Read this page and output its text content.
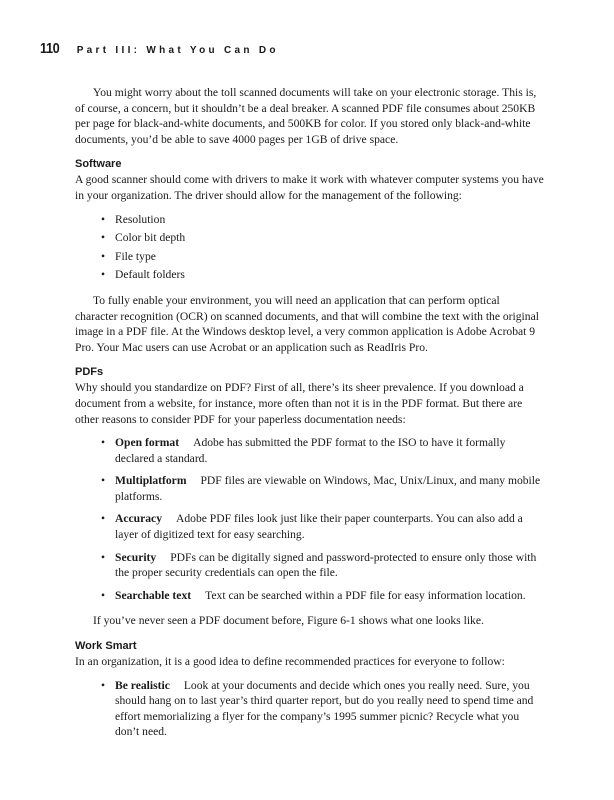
110 Part III: What You Can Do

You might worry about the toll scanned documents will take on your electronic storage. This is, of course, a concern, but it shouldn’t be a deal breaker. A scanned PDF file consumes about 250KB per page for black-and-white documents, and 500KB for color. If you stored only black-and-white documents, you’d be able to save 4000 pages per 1GB of drive space.

Software

A good scanner should come with drivers to make it work with whatever computer systems you have in your organization. The driver should allow for the management of the following:

• Resolution
• Color bit depth
• File type
• Default folders

To fully enable your environment, you will need an application that can perform optical character recognition (OCR) on scanned documents, and that will combine the text with the original image in a PDF file. At the Windows desktop level, a very common application is Adobe Acrobat 9 Pro. Your Mac users can use Acrobat or an application such as ReadIris Pro.

PDFs

Why should you standardize on PDF? First of all, there’s its sheer prevalence. If you download a document from a website, for instance, more often than not it is in the PDF format. But there are other reasons to consider PDF for your paperless documentation needs:

• Open format Adobe has submitted the PDF format to the ISO to have it formally declared a standard.
• Multiplatform PDF files are viewable on Windows, Mac, Unix/Linux, and many mobile platforms.
• Accuracy Adobe PDF files look just like their paper counterparts. You can also add a layer of digitized text for easy searching.
• Security PDFs can be digitally signed and password-protected to ensure only those with the proper security credentials can open the file.
• Searchable text Text can be searched within a PDF file for easy information location.

If you’ve never seen a PDF document before, Figure 6-1 shows what one looks like.

Work Smart

In an organization, it is a good idea to define recommended practices for everyone to follow:

• Be realistic Look at your documents and decide which ones you really need. Sure, you should hang on to last year’s third quarter report, but do you really need to spend time and effort memorializing a flyer for the company’s 1995 summer picnic? Recycle what you don’t need.
